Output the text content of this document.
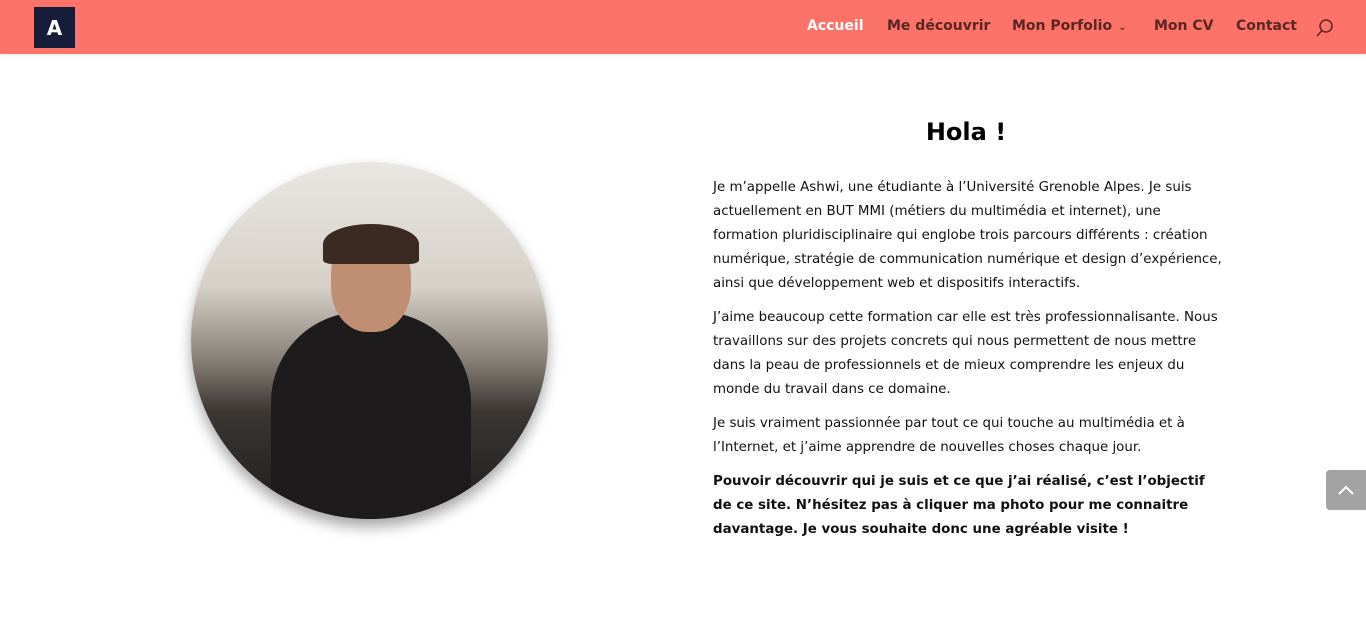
A	Accueil Me découvrir Mon Porfolio ⌄ Mon CV Contact
Hola !

Je m’appelle Ashwi, une étudiante à l’Université Grenoble Alpes. Je suis actuellement en BUT MMI (métiers du multimédia et internet), une formation pluridisciplinaire qui englobe trois parcours différents : création numérique, stratégie de communication numérique et design d’expérience, ainsi que développement web et dispositifs interactifs.

J’aime beaucoup cette formation car elle est très professionnalisante. Nous travaillons sur des projets concrets qui nous permettent de nous mettre dans la peau de professionnels et de mieux comprendre les enjeux du monde du travail dans ce domaine.

Je suis vraiment passionnée par tout ce qui touche au multimédia et à l’Internet, et j’aime apprendre de nouvelles choses chaque jour.

Pouvoir découvrir qui je suis et ce que j’ai réalisé, c’est l’objectif de ce site. N’hésitez pas à cliquer ma photo pour me connaitre davantage. Je vous souhaite donc une agréable visite !
